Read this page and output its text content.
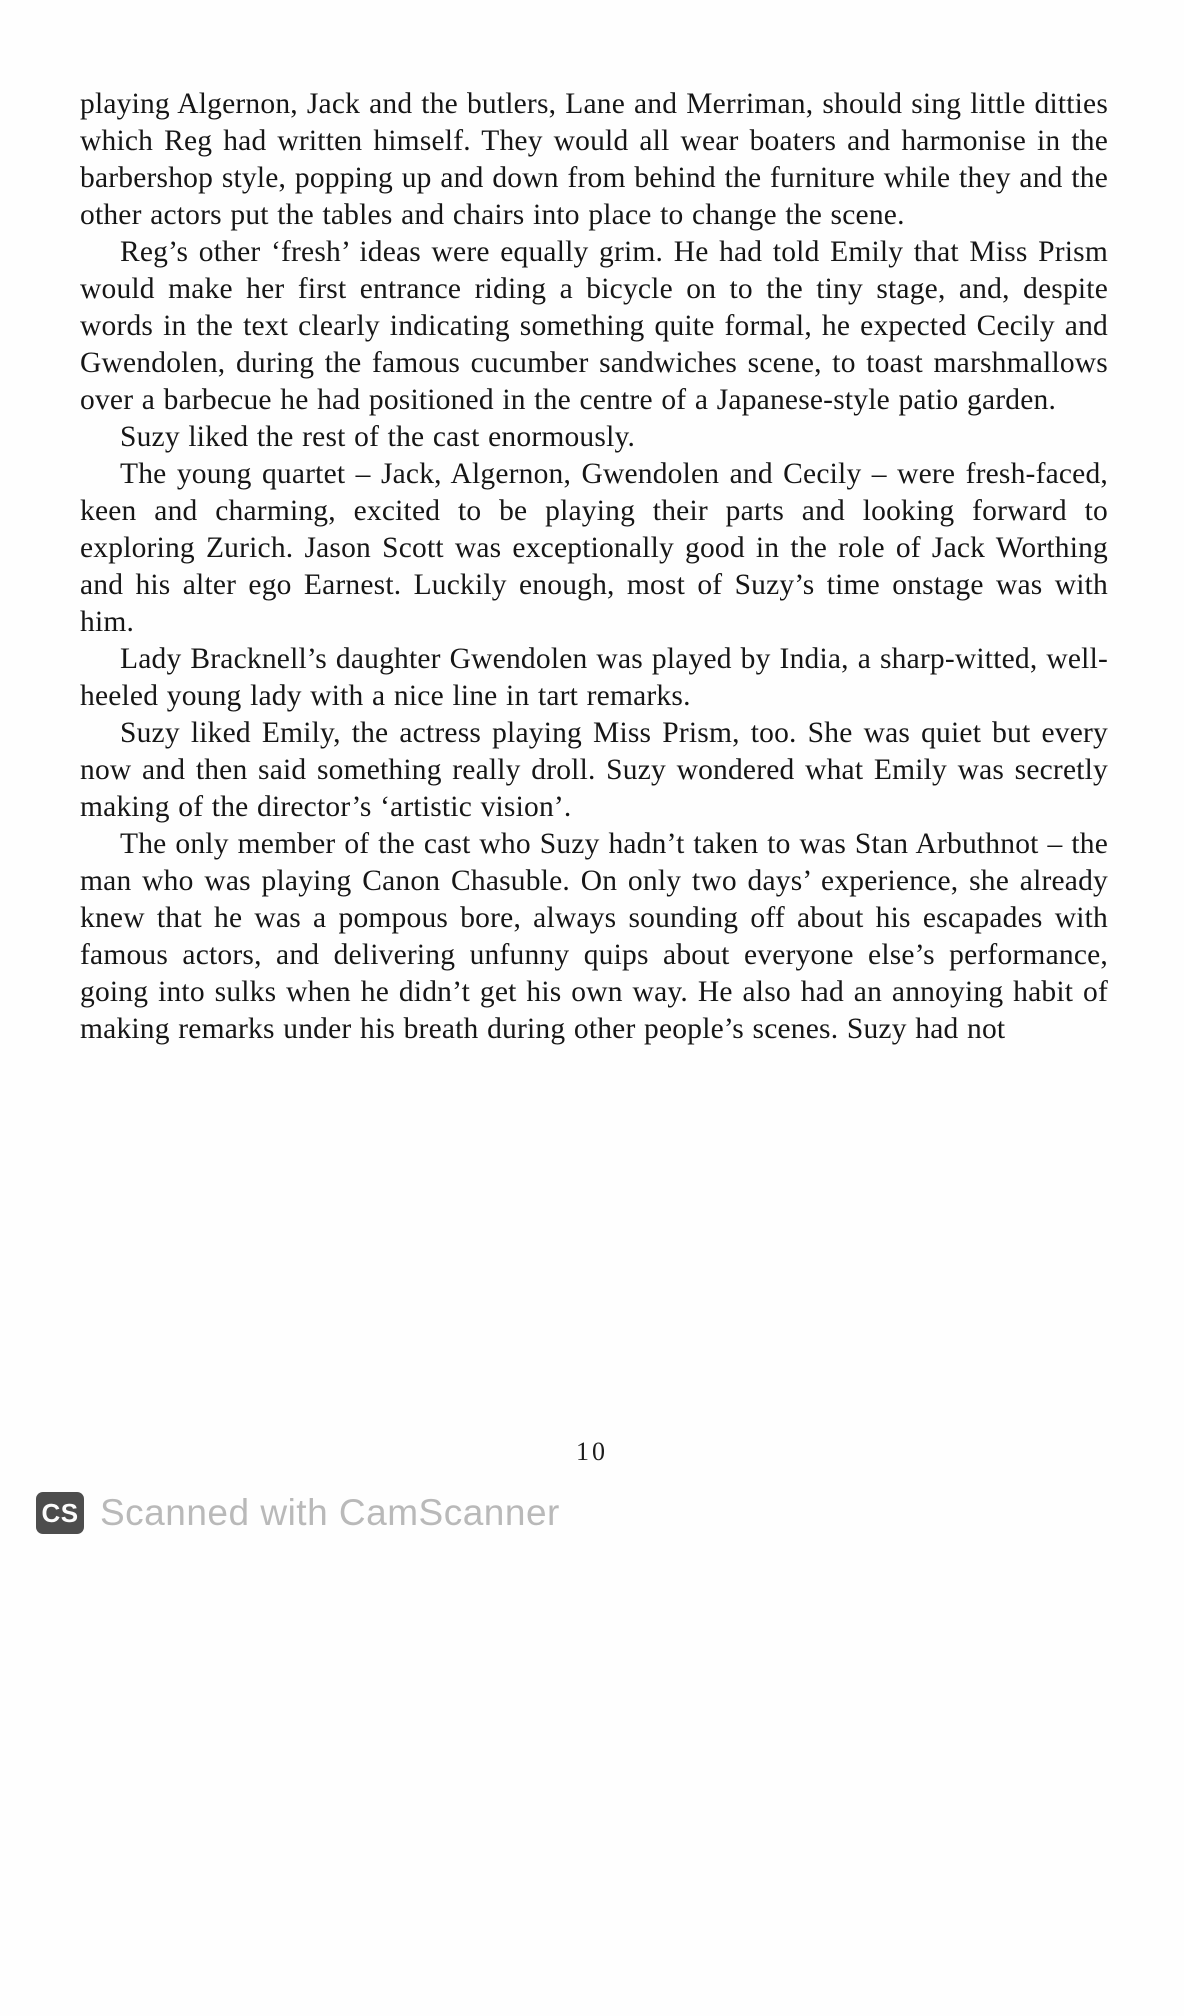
playing Algernon, Jack and the butlers, Lane and Merriman, should sing little ditties which Reg had written himself. They would all wear boaters and harmonise in the barbershop style, popping up and down from behind the furniture while they and the other actors put the tables and chairs into place to change the scene.

Reg’s other ‘fresh’ ideas were equally grim. He had told Emily that Miss Prism would make her first entrance riding a bicycle on to the tiny stage, and, despite words in the text clearly indicating something quite formal, he expected Cecily and Gwendolen, during the famous cucumber sandwiches scene, to toast marshmallows over a barbecue he had positioned in the centre of a Japanese-style patio garden.

Suzy liked the rest of the cast enormously.

The young quartet – Jack, Algernon, Gwendolen and Cecily – were fresh-faced, keen and charming, excited to be playing their parts and looking forward to exploring Zurich. Jason Scott was exceptionally good in the role of Jack Worthing and his alter ego Earnest. Luckily enough, most of Suzy’s time onstage was with him.

Lady Bracknell’s daughter Gwendolen was played by India, a sharp-witted, well-heeled young lady with a nice line in tart remarks.

Suzy liked Emily, the actress playing Miss Prism, too. She was quiet but every now and then said something really droll. Suzy wondered what Emily was secretly making of the director’s ‘artistic vision’.

The only member of the cast who Suzy hadn’t taken to was Stan Arbuthnot – the man who was playing Canon Chasuble. On only two days’ experience, she already knew that he was a pompous bore, always sounding off about his escapades with famous actors, and delivering unfunny quips about everyone else’s performance, going into sulks when he didn’t get his own way. He also had an annoying habit of making remarks under his breath during other people’s scenes. Suzy had not

10
CS Scanned with CamScanner
